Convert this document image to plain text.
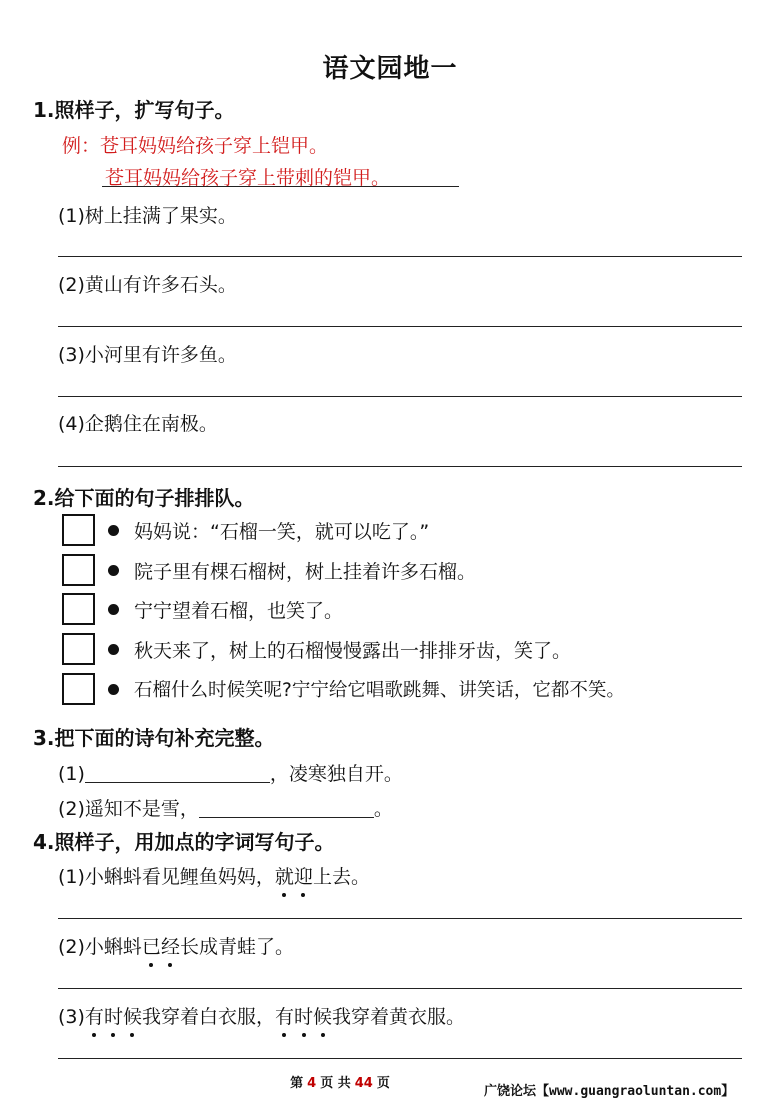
语文园地一
1.照样子，扩写句子。
例：苍耳妈妈给孩子穿上铠甲。
苍耳妈妈给孩子穿上带刺的铠甲。
(1)树上挂满了果实。
(2)黄山有许多石头。
(3)小河里有许多鱼。
(4)企鹅住在南极。
2.给下面的句子排排队。
妈妈说：“石榴一笑，就可以吃了。”
院子里有棵石榴树，树上挂着许多石榴。
宁宁望着石榴，也笑了。
秋天来了，树上的石榴慢慢露出一排排牙齿，笑了。
石榴什么时候笑呢?宁宁给它唱歌跳舞、讲笑话，它都不笑。
3.把下面的诗句补充完整。
(1)	，凌寒独自开。
(2)遥知不是雪，	。
4.照样子，用加点的字词写句子。
(1)小蝌蚪看见鲤鱼妈妈，就迎上去。
(2)小蝌蚪已经长成青蛙了。
(3)有时候我穿着白衣服，有时候我穿着黄衣服。
第 4 页 共 44 页
广饶论坛【www.guangraoluntan.com】
